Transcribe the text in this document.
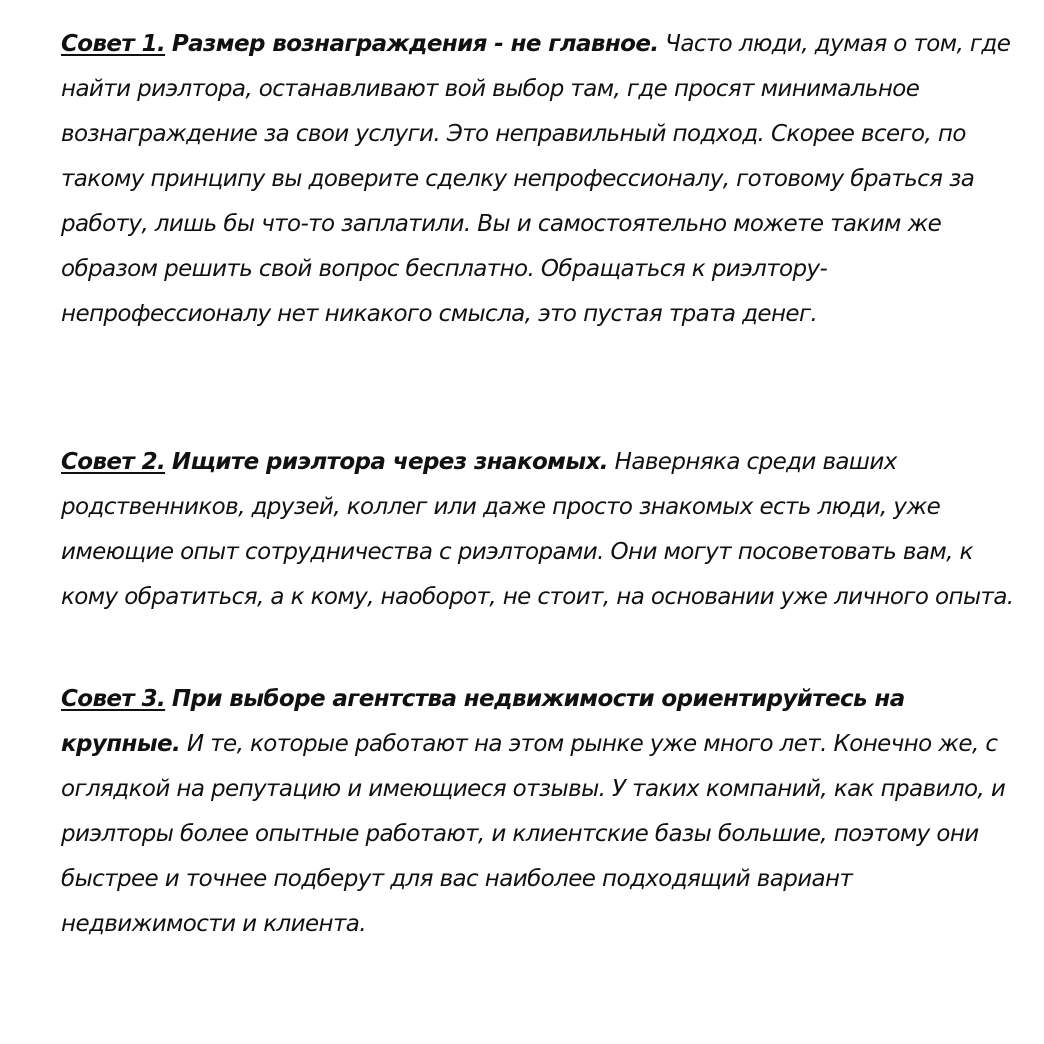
Совет 1. Размер вознаграждения - не главное. Часто люди, думая о том, где найти риэлтора, останавливают вой выбор там, где просят минимальное вознаграждение за свои услуги. Это неправильный подход. Скорее всего, по такому принципу вы доверите сделку непрофессионалу, готовому браться за работу, лишь бы что-то заплатили. Вы и самостоятельно можете таким же образом решить свой вопрос бесплатно. Обращаться к риэлтору-непрофессионалу нет никакого смысла, это пустая трата денег.

Совет 2. Ищите риэлтора через знакомых. Наверняка среди ваших родственников, друзей, коллег или даже просто знакомых есть люди, уже имеющие опыт сотрудничества с риэлторами. Они могут посоветовать вам, к кому обратиться, а к кому, наоборот, не стоит, на основании уже личного опыта.

Совет 3. При выборе агентства недвижимости ориентируйтесь на крупные. И те, которые работают на этом рынке уже много лет. Конечно же, с оглядкой на репутацию и имеющиеся отзывы. У таких компаний, как правило, и риэлторы более опытные работают, и клиентские базы большие, поэтому они быстрее и точнее подберут для вас наиболее подходящий вариант недвижимости и клиента.
